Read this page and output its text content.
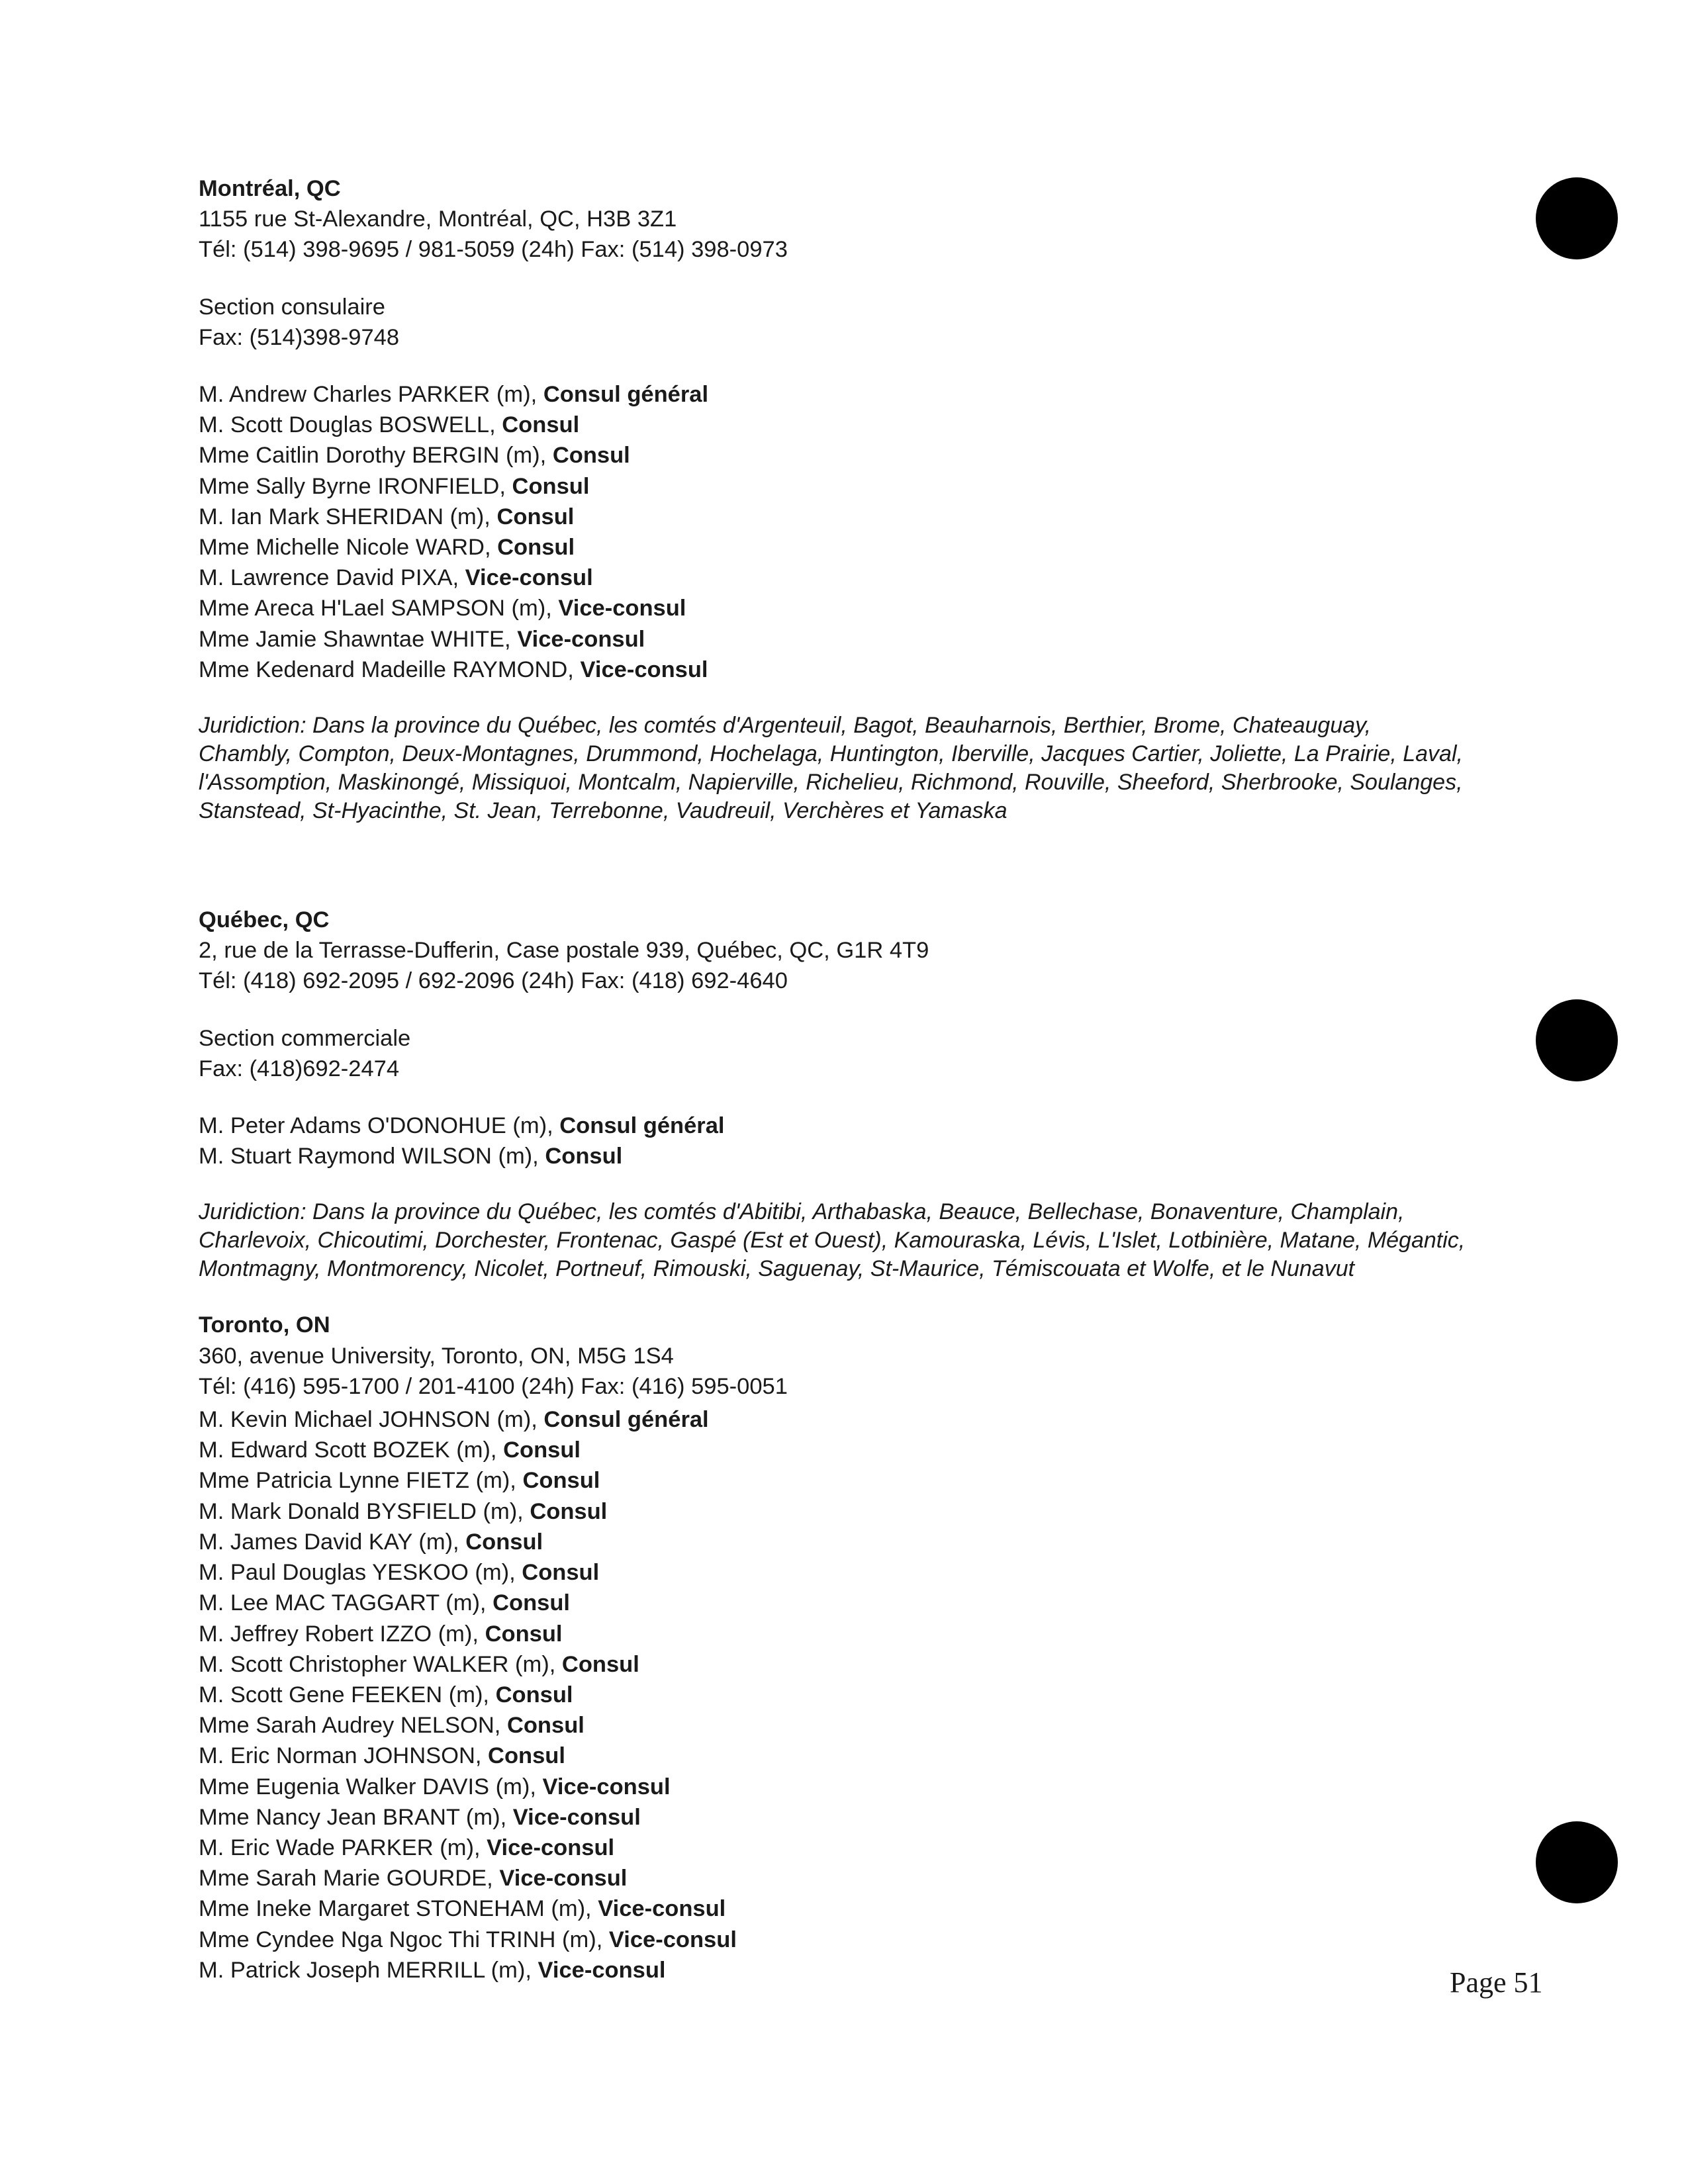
Montréal, QC
1155 rue St-Alexandre, Montréal, QC, H3B 3Z1
Tél: (514) 398-9695 / 981-5059 (24h) Fax: (514) 398-0973
Section consulaire
Fax: (514)398-9748
M. Andrew Charles PARKER (m), Consul général
M. Scott Douglas BOSWELL, Consul
Mme Caitlin Dorothy BERGIN (m), Consul
Mme Sally Byrne IRONFIELD, Consul
M. Ian Mark SHERIDAN (m), Consul
Mme Michelle Nicole WARD, Consul
M. Lawrence David PIXA, Vice-consul
Mme Areca H'Lael SAMPSON (m), Vice-consul
Mme Jamie Shawntae WHITE, Vice-consul
Mme Kedenard Madeille RAYMOND, Vice-consul
Juridiction: Dans la province du Québec, les comtés d'Argenteuil, Bagot, Beauharnois, Berthier, Brome, Chateauguay, Chambly, Compton, Deux-Montagnes, Drummond, Hochelaga, Huntington, Iberville, Jacques Cartier, Joliette, La Prairie, Laval, l'Assomption, Maskinongé, Missiquoi, Montcalm, Napierville, Richelieu, Richmond, Rouville, Sheeford, Sherbrooke, Soulanges, Stanstead, St-Hyacinthe, St. Jean, Terrebonne, Vaudreuil, Verchères et Yamaska
Québec, QC
2, rue de la Terrasse-Dufferin, Case postale 939, Québec, QC, G1R 4T9
Tél: (418) 692-2095 / 692-2096 (24h) Fax: (418) 692-4640
Section commerciale
Fax: (418)692-2474
M. Peter Adams O'DONOHUE (m), Consul général
M. Stuart Raymond WILSON (m), Consul
Juridiction: Dans la province du Québec, les comtés d'Abitibi, Arthabaska, Beauce, Bellechase, Bonaventure, Champlain, Charlevoix, Chicoutimi, Dorchester, Frontenac, Gaspé (Est et Ouest), Kamouraska, Lévis, L'Islet, Lotbinière, Matane, Mégantic, Montmagny, Montmorency, Nicolet, Portneuf, Rimouski, Saguenay, St-Maurice, Témiscouata et Wolfe, et le Nunavut
Toronto, ON
360, avenue University, Toronto, ON, M5G 1S4
Tél: (416) 595-1700 / 201-4100 (24h) Fax: (416) 595-0051
M. Kevin Michael JOHNSON (m), Consul général
M. Edward Scott BOZEK (m), Consul
Mme Patricia Lynne FIETZ (m), Consul
M. Mark Donald BYSFIELD (m), Consul
M. James David KAY (m), Consul
M. Paul Douglas YESKOO (m), Consul
M. Lee MAC TAGGART (m), Consul
M. Jeffrey Robert IZZO (m), Consul
M. Scott Christopher WALKER (m), Consul
M. Scott Gene FEEKEN (m), Consul
Mme Sarah Audrey NELSON, Consul
M. Eric Norman JOHNSON, Consul
Mme Eugenia Walker DAVIS (m), Vice-consul
Mme Nancy Jean BRANT (m), Vice-consul
M. Eric Wade PARKER (m), Vice-consul
Mme Sarah Marie GOURDE, Vice-consul
Mme Ineke Margaret STONEHAM (m), Vice-consul
Mme Cyndee Nga Ngoc Thi TRINH (m), Vice-consul
M. Patrick Joseph MERRILL (m), Vice-consul	Page 51
